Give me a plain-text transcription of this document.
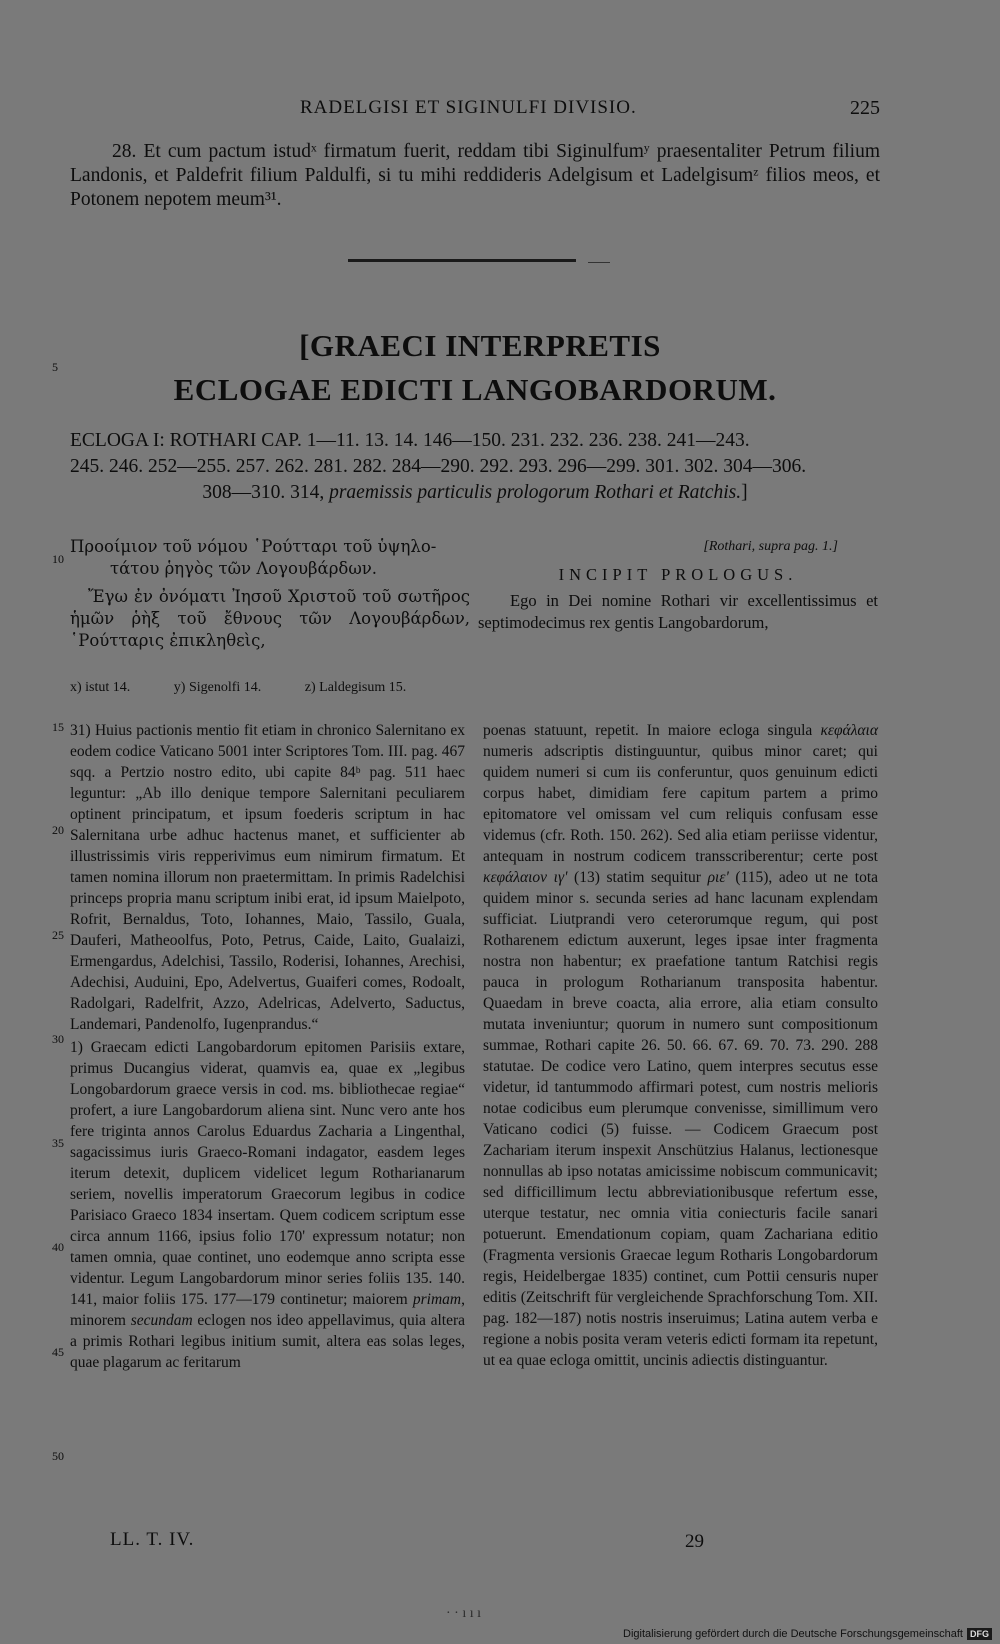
RADELGISI ET SIGINULFI DIVISIO.	225
28. Et cum pactum istudˣ firmatum fuerit, reddam tibi Siginulfumʸ praesentaliter Petrum filium Landonis, et Paldefrit filium Paldulfi, si tu mihi reddideris Adelgisum et Ladelgisumᶻ filios meos, et Potonem nepotem meum³¹.
[GRAECI INTERPRETIS
ECLOGAE EDICTI LANGOBARDORUM.
5
10
15
20
25
30
35
40
45
50
ECLOGA I: ROTHARI CAP. 1—11. 13. 14. 146—150. 231. 232. 236. 238. 241—243.
245. 246. 252—255. 257. 262. 281. 282. 284—290. 292. 293. 296—299. 301. 302. 304—306.
308—310. 314, praemissis particulis prologorum Rothari et Ratchis.]
Προοίμιον τοῦ νόμου ῾Ρούτταρι τοῦ ὑψηλο-
τάτου ῥηγὸς τῶν Λογουβάρδων.
Ἔγω ἐν ὀνόματι Ἰησοῦ Χριστοῦ τοῦ σωτῆρος ἡμῶν ῥὴξ τοῦ ἔθνους τῶν Λογουβάρδων, ῾Ρούτταρις ἐπικληθεὶς,
[Rothari, supra pag. 1.]
INCIPIT PROLOGUS.
Ego in Dei nomine Rothari vir excellentissimus et septimodecimus rex gentis Langobardorum,
x) istut 14.	y) Sigenolfi 14.	z) Laldegisum 15.

31) Huius pactionis mentio fit etiam in chronico Salernitano ex eodem codice Vaticano 5001 inter Scriptores Tom. III. pag. 467 sqq. a Pertzio nostro edito, ubi capite 84ᵇ pag. 511 haec leguntur: „Ab illo denique tempore Salernitani peculiarem optinent principatum, et ipsum foederis scriptum in hac Salernitana urbe adhuc hactenus manet, et sufficienter ab illustrissimis viris repperivimus eum nimirum firmatum. Et tamen nomina illorum non praetermittam. In primis Radelchisi princeps propria manu scriptum inibi erat, id ipsum Maielpoto, Rofrit, Bernaldus, Toto, Iohannes, Maio, Tassilo, Guala, Dauferi, Matheoolfus, Poto, Petrus, Caide, Laito, Gualaizi, Ermengardus, Adelchisi, Tassilo, Roderisi, Iohannes, Arechisi, Adechisi, Auduini, Epo, Adelvertus, Guaiferi comes, Rodoalt, Radolgari, Radelfrit, Azzo, Adelricas, Adelverto, Saductus, Landemari, Pandenolfo, Iugenprandus.“

1) Graecam edicti Langobardorum epitomen Parisiis extare, primus Ducangius viderat, quamvis ea, quae ex „legibus Longobardorum graece versis in cod. ms. bibliothecae regiae“ profert, a iure Langobardorum aliena sint. Nunc vero ante hos fere triginta annos Carolus Eduardus Zacharia a Lingenthal, sagacissimus iuris Graeco-Romani indagator, easdem leges iterum detexit, duplicem videlicet legum Rotharianarum seriem, novellis imperatorum Graecorum legibus in codice Parisiaco Graeco 1834 insertam. Quem codicem scriptum esse circa annum 1166, ipsius folio 170' expressum notatur; non tamen omnia, quae continet, uno eodemque anno scripta esse videntur. Legum Langobardorum minor series foliis 135. 140. 141, maior foliis 175. 177—179 continetur; maiorem primam, minorem secundam eclogen nos ideo appellavimus, quia altera a primis Rothari legibus initium sumit, altera eas solas leges, quae plagarum ac feritarum

poenas statuunt, repetit. In maiore ecloga singula κεφάλαια numeris adscriptis distinguuntur, quibus minor caret; qui quidem numeri si cum iis conferuntur, quos genuinum edicti corpus habet, dimidiam fere capitum partem a primo epitomatore vel omissam vel cum reliquis confusam esse videmus (cfr. Roth. 150. 262). Sed alia etiam periisse videntur, antequam in nostrum codicem transscriberentur; certe post κεφάλαιον ιγ' (13) statim sequitur ριε' (115), adeo ut ne tota quidem minor s. secunda series ad hanc lacunam explendam sufficiat. Liutprandi vero ceterorumque regum, qui post Rotharenem edictum auxerunt, leges ipsae inter fragmenta nostra non habentur; ex praefatione tantum Ratchisi regis pauca in prologum Rotharianum transposita habentur. Quaedam in breve coacta, alia errore, alia etiam consulto mutata inveniuntur; quorum in numero sunt compositionum summae, Rothari capite 26. 50. 66. 67. 69. 70. 73. 290. 288 statutae. De codice vero Latino, quem interpres secutus esse videtur, id tantummodo affirmari potest, cum nostris melioris notae codicibus eum plerumque convenisse, simillimum vero Vaticano codici (5) fuisse. — Codicem Graecum post Zachariam iterum inspexit Anschützius Halanus, lectionesque nonnullas ab ipso notatas amicissime nobiscum communicavit; sed difficillimum lectu abbreviationibusque refertum esse, uterque testatur, nec omnia vitia coniecturis facile sanari potuerunt. Emendationum copiam, quam Zachariana editio (Fragmenta versionis Graecae legum Rotharis Longobardorum regis, Heidelbergae 1835) continet, cum Pottii censuris nuper editis (Zeitschrift für vergleichende Sprachforschung Tom. XII. pag. 182—187) notis nostris inseruimus; Latina autem verba e regione a nobis posita veram veteris edicti formam ita repetunt, ut ea quae ecloga omittit, uncinis adiectis distinguantur.

LL. T. IV.	29
· · ı ı ı
Digitalisierung gefördert durch die Deutsche Forschungsgemeinschaft DFG
